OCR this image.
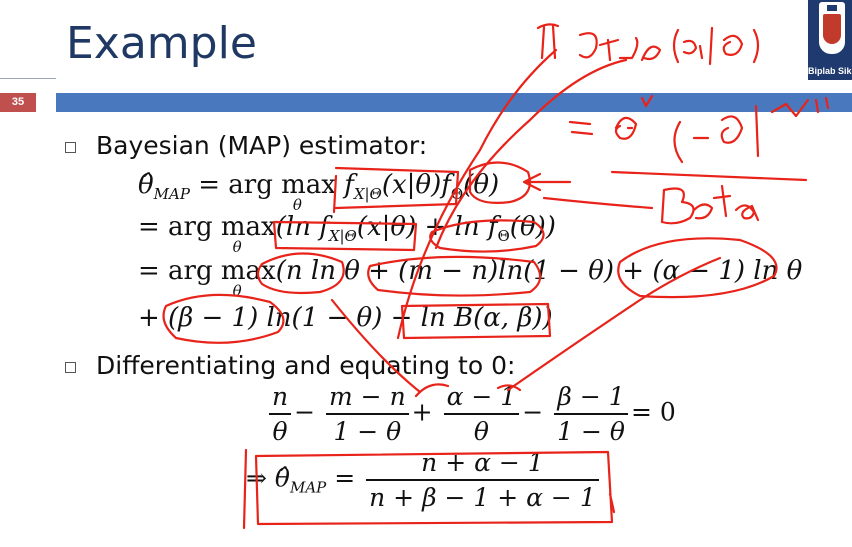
Example
35
Biplab Sik
Bayesian (MAP) estimator:
$\thetâ_{MAP}$ = arg max
θ
$f_{X|\Theta}(x|\theta)f_\Theta(\theta)$
= arg max
θ
(ln $f_{X|\Theta}(x|\theta) + \ln f_\Theta(\theta)$)
= arg max
θ
(n ln θ + (m − n)ln(1 − θ) + (α − 1) ln θ
+ (β − 1) ln(1 − θ) − ln B(α, β))
Differentiating and equating to 0:
$\frac{n}{\theta} - \frac{m - n}{1 - \theta} + \frac{\alpha - 1}{\theta} - \frac{\beta - 1}{1 - \theta} = 0$
⇒ $\thetâ_{MAP} = \frac{n + \alpha - 1}{n + \beta - 1 + \alpha - 1}$
